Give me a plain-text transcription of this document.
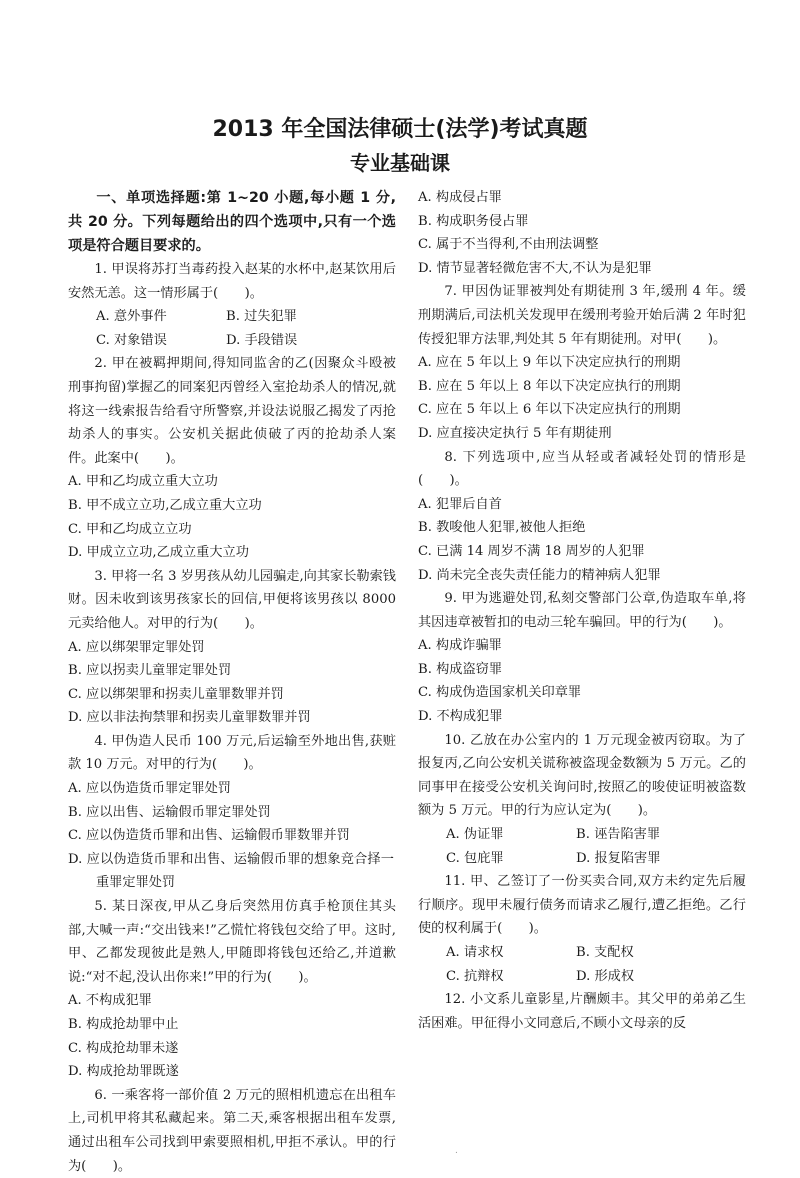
2013 年全国法律硕士(法学)考试真题
专业基础课

一、单项选择题:第 1~20 小题,每小题 1 分,共 20 分。下列每题给出的四个选项中,只有一个选项是符合题目要求的。

1. 甲误将苏打当毒药投入赵某的水杯中,赵某饮用后安然无恙。这一情形属于(　　)。

A. 意外事件	B. 过失犯罪
C. 对象错误	D. 手段错误

2. 甲在被羁押期间,得知同监舍的乙(因聚众斗殴被刑事拘留)掌握乙的同案犯丙曾经入室抢劫杀人的情况,就将这一线索报告给看守所警察,并设法说服乙揭发了丙抢劫杀人的事实。公安机关据此侦破了丙的抢劫杀人案件。此案中(　　)。

A. 甲和乙均成立重大立功

B. 甲不成立立功,乙成立重大立功

C. 甲和乙均成立立功

D. 甲成立立功,乙成立重大立功

3. 甲将一名 3 岁男孩从幼儿园骗走,向其家长勒索钱财。因未收到该男孩家长的回信,甲便将该男孩以 8000 元卖给他人。对甲的行为(　　)。

A. 应以绑架罪定罪处罚

B. 应以拐卖儿童罪定罪处罚

C. 应以绑架罪和拐卖儿童罪数罪并罚

D. 应以非法拘禁罪和拐卖儿童罪数罪并罚

4. 甲伪造人民币 100 万元,后运输至外地出售,获赃款 10 万元。对甲的行为(　　)。

A. 应以伪造货币罪定罪处罚

B. 应以出售、运输假币罪定罪处罚

C. 应以伪造货币罪和出售、运输假币罪数罪并罚

D. 应以伪造货币罪和出售、运输假币罪的想象竞合择一重罪定罪处罚

5. 某日深夜,甲从乙身后突然用仿真手枪顶住其头部,大喊一声:“交出钱来!”乙慌忙将钱包交给了甲。这时,甲、乙都发现彼此是熟人,甲随即将钱包还给乙,并道歉说:“对不起,没认出你来!”甲的行为(　　)。

A. 不构成犯罪

B. 构成抢劫罪中止

C. 构成抢劫罪未遂

D. 构成抢劫罪既遂

6. 一乘客将一部价值 2 万元的照相机遗忘在出租车上,司机甲将其私藏起来。第二天,乘客根据出租车发票,通过出租车公司找到甲索要照相机,甲拒不承认。甲的行为(　　)。

A. 构成侵占罪

B. 构成职务侵占罪

C. 属于不当得利,不由刑法调整

D. 情节显著轻微危害不大,不认为是犯罪

7. 甲因伪证罪被判处有期徒刑 3 年,缓刑 4 年。缓刑期满后,司法机关发现甲在缓刑考验开始后满 2 年时犯传授犯罪方法罪,判处其 5 年有期徒刑。对甲(　　)。

A. 应在 5 年以上 9 年以下决定应执行的刑期

B. 应在 5 年以上 8 年以下决定应执行的刑期

C. 应在 5 年以上 6 年以下决定应执行的刑期

D. 应直接决定执行 5 年有期徒刑

8. 下列选项中,应当从轻或者减轻处罚的情形是(　　)。

A. 犯罪后自首

B. 教唆他人犯罪,被他人拒绝

C. 已满 14 周岁不满 18 周岁的人犯罪

D. 尚未完全丧失责任能力的精神病人犯罪

9. 甲为逃避处罚,私刻交警部门公章,伪造取车单,将其因违章被暂扣的电动三轮车骗回。甲的行为(　　)。

A. 构成诈骗罪

B. 构成盗窃罪

C. 构成伪造国家机关印章罪

D. 不构成犯罪

10. 乙放在办公室内的 1 万元现金被丙窃取。为了报复丙,乙向公安机关谎称被盗现金数额为 5 万元。乙的同事甲在接受公安机关询问时,按照乙的唆使证明被盗数额为 5 万元。甲的行为应认定为(　　)。

A. 伪证罪	B. 诬告陷害罪
C. 包庇罪	D. 报复陷害罪

11. 甲、乙签订了一份买卖合同,双方未约定先后履行顺序。现甲未履行债务而请求乙履行,遭乙拒绝。乙行使的权利属于(　　)。

A. 请求权	B. 支配权
C. 抗辩权	D. 形成权

12. 小文系儿童影星,片酬颇丰。其父甲的弟弟乙生活困难。甲征得小文同意后,不顾小文母亲的反

.
